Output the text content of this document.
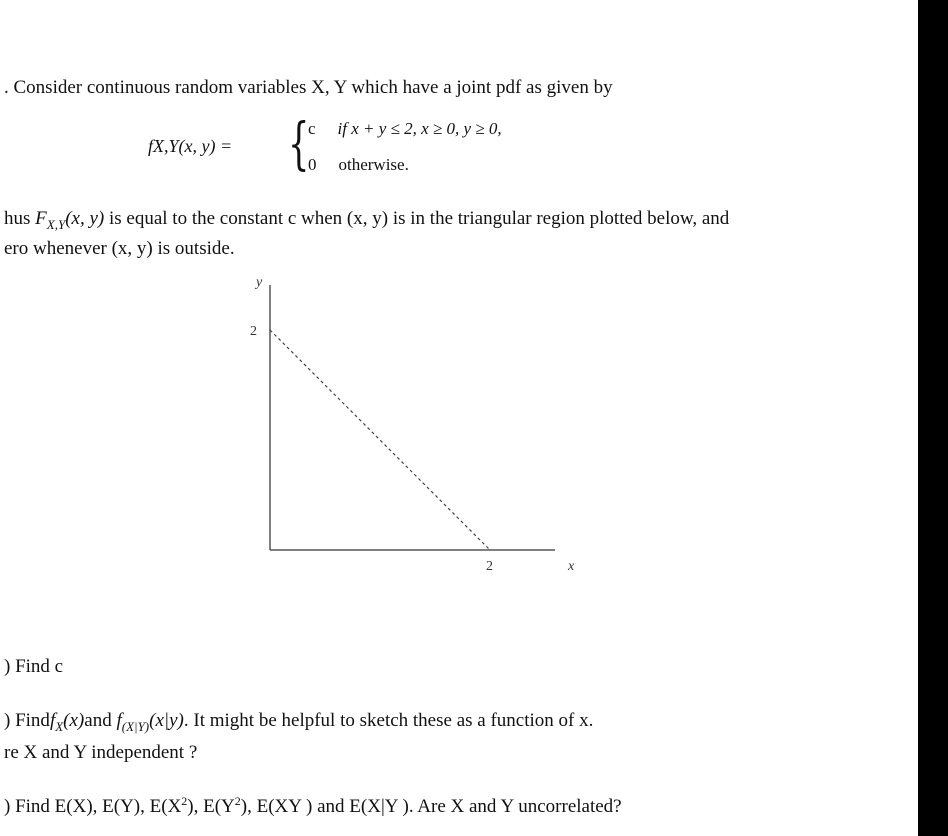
. Consider continuous random variables X, Y which have a joint pdf as given by
fX,Y(x, y) = {
c if x + y ≤ 2, x ≥ 0, y ≥ 0,
0 otherwise.
hus $F_{X,Y}(x$, y) is equal to the constant c when (x, y) is in the triangular region plotted below, and
ero whenever (x, y) is outside.
y
x
2
2
) Find c
) Findf$_X$(x)and $f_{(X|Y)}(x|y)$. It might be helpful to sketch these as a function of x.
re X and Y independent ?
) Find E(X), E(Y), $E(X^2)$, $E(Y^2)$, E(XY ) and E(X|Y ). Are X and Y uncorrelated?
